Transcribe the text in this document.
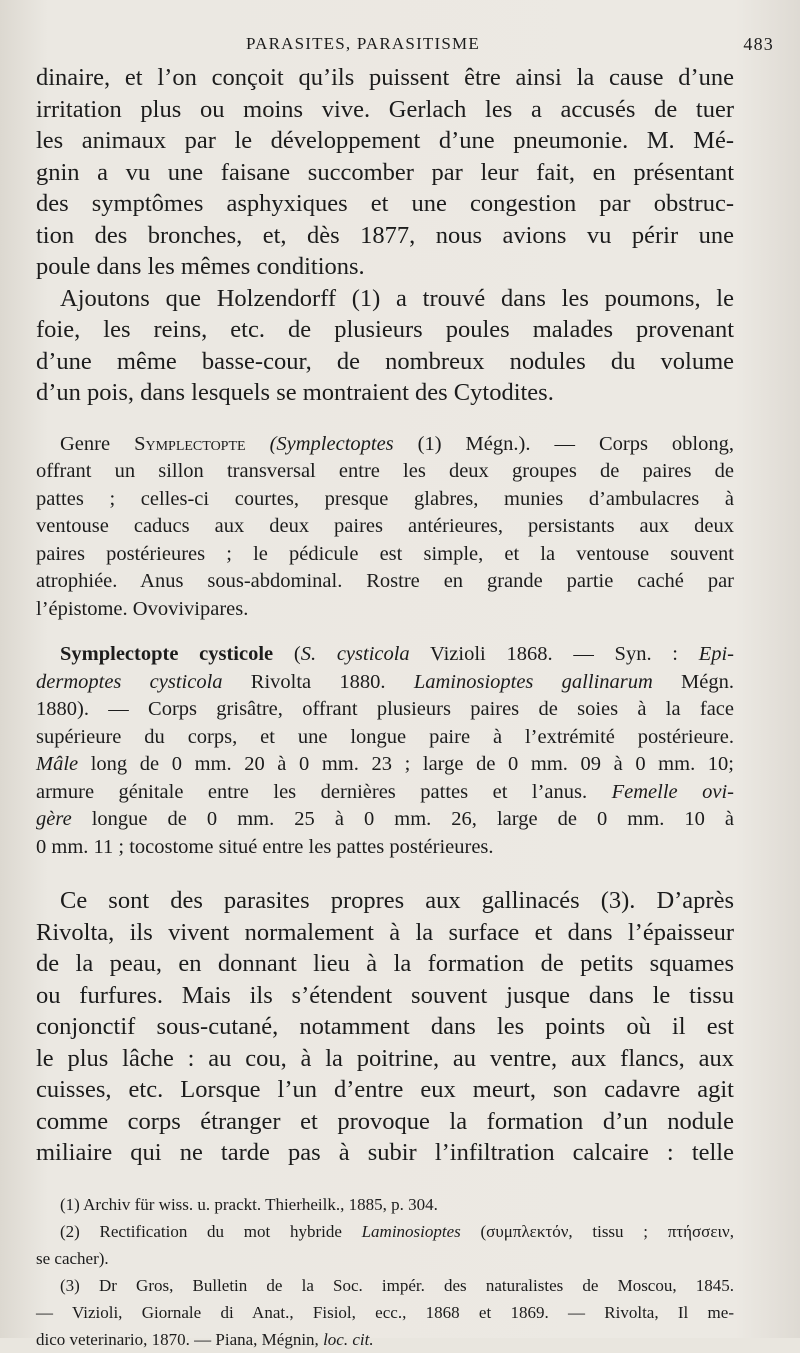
PARASITES, PARASITISME	483
dinaire, et l’on conçoit qu’ils puissent être ainsi la cause d’une
irritation plus ou moins vive. Gerlach les a accusés de tuer
les animaux par le développement d’une pneumonie. M. Mé-
gnin a vu une faisane succomber par leur fait, en présentant
des symptômes asphyxiques et une congestion par obstruc-
tion des bronches, et, dès 1877, nous avions vu périr une
poule dans les mêmes conditions.
Ajoutons que Holzendorff (1) a trouvé dans les poumons, le
foie, les reins, etc. de plusieurs poules malades provenant
d’une même basse-cour, de nombreux nodules du volume
d’un pois, dans lesquels se montraient des Cytodites.
Genre Symplectopte (Symplectoptes (1) Mégn.). — Corps oblong,
offrant un sillon transversal entre les deux groupes de paires de
pattes ; celles-ci courtes, presque glabres, munies d’ambulacres à
ventouse caducs aux deux paires antérieures, persistants aux deux
paires postérieures ; le pédicule est simple, et la ventouse souvent
atrophiée. Anus sous-abdominal. Rostre en grande partie caché par
l’épistome. Ovovivipares.
Symplectopte cysticole (S. cysticola Vizioli 1868. — Syn. : Epi-
dermoptes cysticola Rivolta 1880. Laminosioptes gallinarum Mégn.
1880). — Corps grisâtre, offrant plusieurs paires de soies à la face
supérieure du corps, et une longue paire à l’extrémité postérieure.
Mâle long de 0 mm. 20 à 0 mm. 23 ; large de 0 mm. 09 à 0 mm. 10;
armure génitale entre les dernières pattes et l’anus. Femelle ovi-
gère longue de 0 mm. 25 à 0 mm. 26, large de 0 mm. 10 à
0 mm. 11 ; tocostome situé entre les pattes postérieures.
Ce sont des parasites propres aux gallinacés (3). D’après
Rivolta, ils vivent normalement à la surface et dans l’épaisseur
de la peau, en donnant lieu à la formation de petits squames
ou furfures. Mais ils s’étendent souvent jusque dans le tissu
conjonctif sous-cutané, notamment dans les points où il est
le plus lâche : au cou, à la poitrine, au ventre, aux flancs, aux
cuisses, etc. Lorsque l’un d’entre eux meurt, son cadavre agit
comme corps étranger et provoque la formation d’un nodule
miliaire qui ne tarde pas à subir l’infiltration calcaire : telle
(1) Archiv für wiss. u. prackt. Thierheilk., 1885, p. 304.
(2) Rectification du mot hybride Laminosioptes (συμπλεκτόν, tissu ; πτήσσειν,
se cacher).
(3) Dr Gros, Bulletin de la Soc. impér. des naturalistes de Moscou, 1845.
— Vizioli, Giornale di Anat., Fisiol, ecc., 1868 et 1869. — Rivolta, Il me-
dico veterinario, 1870. — Piana, Mégnin, loc. cit.
